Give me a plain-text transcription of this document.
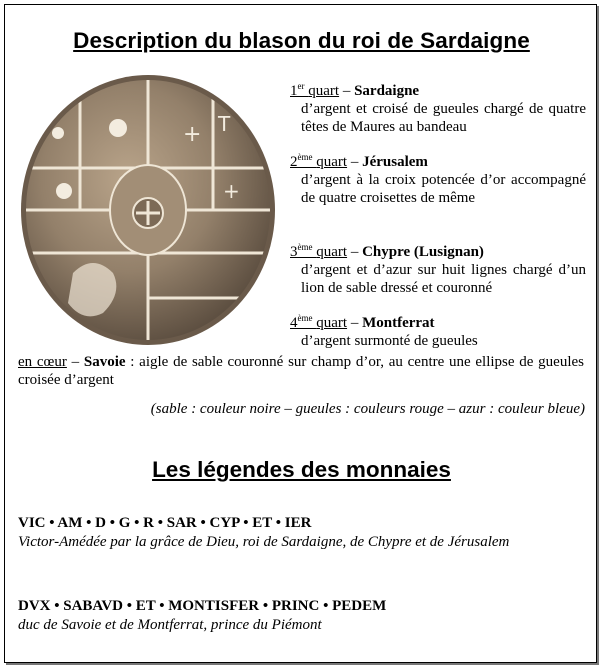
Description du blason du roi de Sardaigne
+ T
+
1er quart – Sardaigne
d’argent et croisé de gueules chargé de quatre têtes de Maures au bandeau
2ème quart – Jérusalem
d’argent à la croix potencée d’or accompagné de quatre croisettes de même
3ème quart – Chypre (Lusignan)
d’argent et d’azur sur huit lignes chargé d’un lion de sable dressé et couronné
4ème quart – Montferrat
d’argent surmonté de gueules
en cœur – Savoie : aigle de sable couronné sur champ d’or, au centre une ellipse de gueules croisée d’argent
(sable : couleur noire – gueules : couleurs rouge – azur : couleur bleue)
Les légendes des monnaies
VIC • AM • D • G • R • SAR • CYP • ET • IER
Victor-Amédée par la grâce de Dieu, roi de Sardaigne, de Chypre et de Jérusalem
DVX • SABAVD • ET • MONTISFER • PRINC • PEDEM
duc de Savoie et de Montferrat, prince du Piémont
